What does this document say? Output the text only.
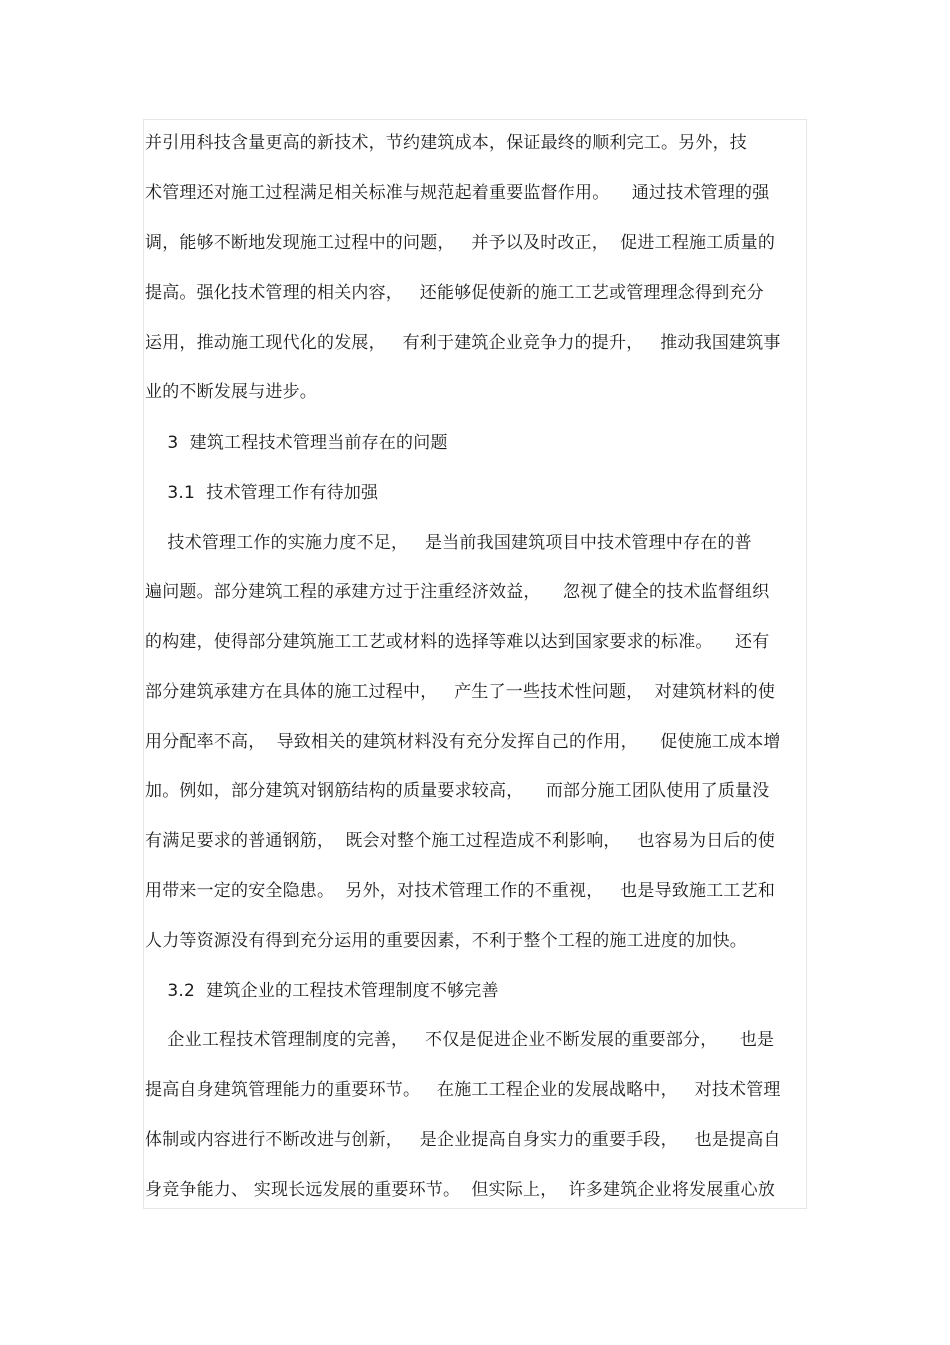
并引用科技含量更高的新技术，节约建筑成本，保证最终的顺利完工。另外，技
术管理还对施工过程满足相关标准与规范起着重要监督作用。    通过技术管理的强
调，能够不断地发现施工过程中的问题，   并予以及时改正，  促进工程施工质量的
提高。强化技术管理的相关内容，   还能够促使新的施工工艺或管理理念得到充分
运用，推动施工现代化的发展，   有利于建筑企业竞争力的提升，   推动我国建筑事
业的不断发展与进步。
3  建筑工程技术管理当前存在的问题
3.1  技术管理工作有待加强
技术管理工作的实施力度不足，   是当前我国建筑项目中技术管理中存在的普
遍问题。部分建筑工程的承建方过于注重经济效益，    忽视了健全的技术监督组织
的构建，使得部分建筑施工工艺或材料的选择等难以达到国家要求的标准。    还有
部分建筑承建方在具体的施工过程中，   产生了一些技术性问题，  对建筑材料的使
用分配率不高，  导致相关的建筑材料没有充分发挥自己的作用，    促使施工成本增
加。例如，部分建筑对钢筋结构的质量要求较高，    而部分施工团队使用了质量没
有满足要求的普通钢筋，  既会对整个施工过程造成不利影响，   也容易为日后的使
用带来一定的安全隐患。  另外，对技术管理工作的不重视，   也是导致施工工艺和
人力等资源没有得到充分运用的重要因素，不利于整个工程的施工进度的加快。
3.2  建筑企业的工程技术管理制度不够完善
企业工程技术管理制度的完善，   不仅是促进企业不断发展的重要部分，    也是
提高自身建筑管理能力的重要环节。   在施工工程企业的发展战略中，   对技术管理
体制或内容进行不断改进与创新，   是企业提高自身实力的重要手段，   也是提高自
身竞争能力、 实现长远发展的重要环节。  但实际上，  许多建筑企业将发展重心放
